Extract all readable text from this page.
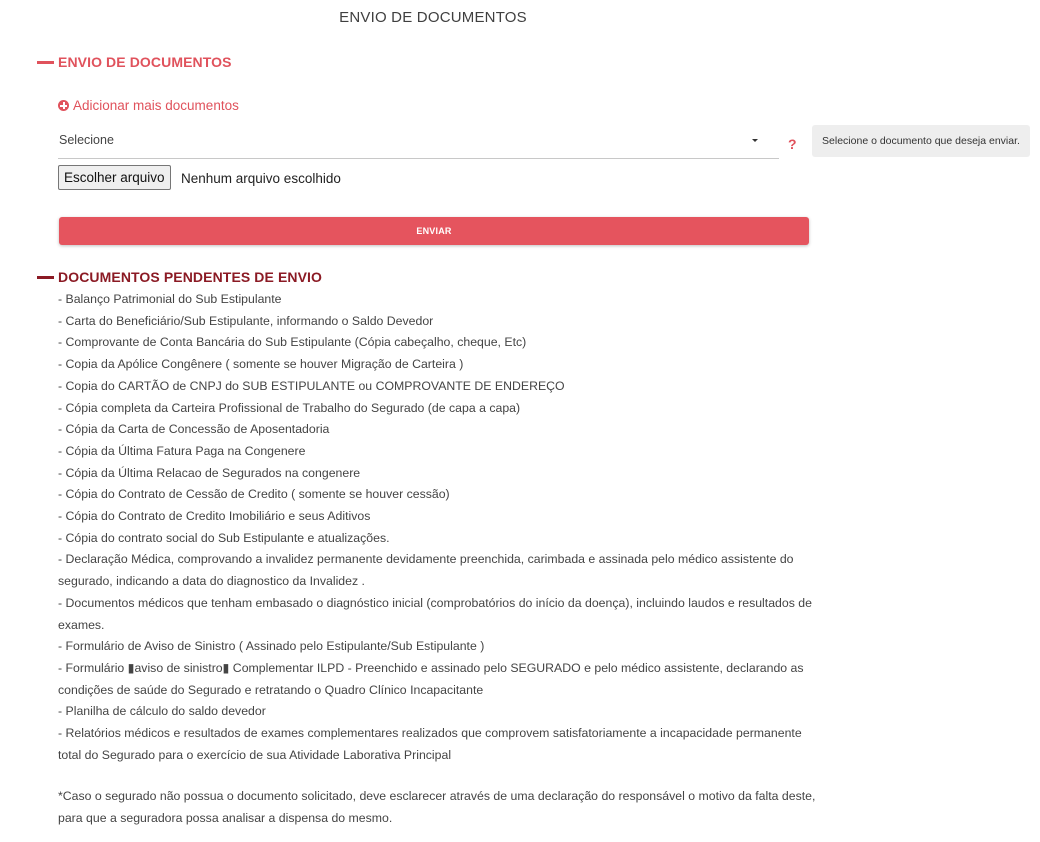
ENVIO DE DOCUMENTOS
ENVIO DE DOCUMENTOS
Adicionar mais documentos
Selecione	?	Selecione o documento que deseja enviar.
Escolher arquivo	Nenhum arquivo escolhido
ENVIAR
DOCUMENTOS PENDENTES DE ENVIO
- Balanço Patrimonial do Sub Estipulante
- Carta do Beneficiário/Sub Estipulante, informando o Saldo Devedor
- Comprovante de Conta Bancária do Sub Estipulante (Cópia cabeçalho, cheque, Etc)
- Copia da Apólice Congênere ( somente se houver Migração de Carteira )
- Copia do CARTÃO de CNPJ do SUB ESTIPULANTE ou COMPROVANTE DE ENDEREÇO
- Cópia completa da Carteira Profissional de Trabalho do Segurado (de capa a capa)
- Cópia da Carta de Concessão de Aposentadoria
- Cópia da Última Fatura Paga na Congenere
- Cópia da Última Relacao de Segurados na congenere
- Cópia do Contrato de Cessão de Credito ( somente se houver cessão)
- Cópia do Contrato de Credito Imobiliário e seus Aditivos
- Cópia do contrato social do Sub Estipulante e atualizações.
- Declaração Médica, comprovando a invalidez permanente devidamente preenchida, carimbada e assinada pelo médico assistente do segurado, indicando a data do diagnostico da Invalidez .
- Documentos médicos que tenham embasado o diagnóstico inicial (comprobatórios do início da doença), incluindo laudos e resultados de exames.
- Formulário de Aviso de Sinistro ( Assinado pelo Estipulante/Sub Estipulante )
- Formulário ▮aviso de sinistro▮ Complementar ILPD - Preenchido e assinado pelo SEGURADO e pelo médico assistente, declarando as condições de saúde do Segurado e retratando o Quadro Clínico Incapacitante
- Planilha de cálculo do saldo devedor
- Relatórios médicos e resultados de exames complementares realizados que comprovem satisfatoriamente a incapacidade permanente total do Segurado para o exercício de sua Atividade Laborativa Principal
*Caso o segurado não possua o documento solicitado, deve esclarecer através de uma declaração do responsável o motivo da falta deste, para que a seguradora possa analisar a dispensa do mesmo.
